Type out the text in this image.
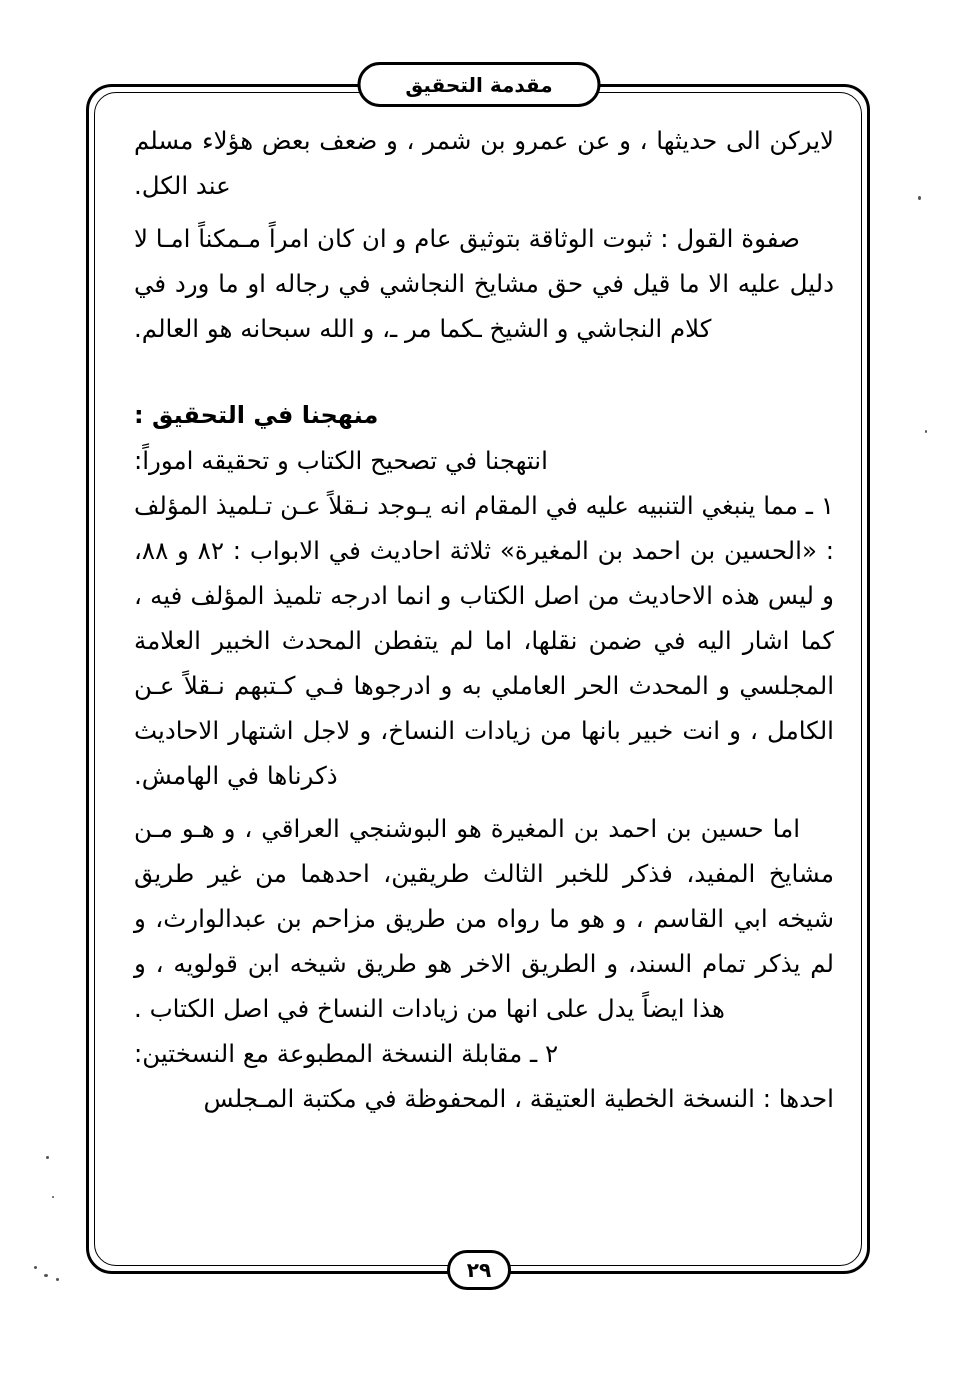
مقدمة التحقيق

لايركن الى حديثها ، و عن عمرو بن شمر ، و ضعف بعض هؤلاء مسلم عند الكل.

صفوة القول : ثبوت الوثاقة بتوثيق عام و ان كان امراً مـمكناً امـا لا دليل عليه الا ما قيل في حق مشايخ النجاشي في رجاله او ما ورد في كلام النجاشي و الشيخ ـكما مر ـ، و الله سبحانه هو العالم.

منهجنا في التحقيق :

انتهجنا في تصحيح الكتاب و تحقيقه اموراً:

١ ـ مما ينبغي التنبيه عليه في المقام انه يـوجد نـقلاً عـن تـلميذ المؤلف : «الحسين بن احمد بن المغيرة» ثلاثة احاديث في الابواب : ٨٢ و ٨٨، و ليس هذه الاحاديث من اصل الكتاب و انما ادرجه تلميذ المؤلف فيه ، كما اشار اليه في ضمن نقلها، اما لم يتفطن المحدث الخبير العلامة المجلسي و المحدث الحر العاملي به و ادرجوها فـي كـتبهم نـقلاً عـن الكامل ، و انت خبير بانها من زيادات النساخ، و لاجل اشتهار الاحاديث ذكرناها في الهامش.

اما حسين بن احمد بن المغيرة هو البوشنجي العراقي ، و هـو مـن مشايخ المفيد، فذكر للخبر الثالث طريقين، احدهما من غير طريق شيخه ابي القاسم ، و هو ما رواه من طريق مزاحم بن عبدالوارث، و لم يذكر تمام السند، و الطريق الاخر هو طريق شيخه ابن قولويه ، و هذا ايضاً يدل على انها من زيادات النساخ في اصل الكتاب .

٢ ـ مقابلة النسخة المطبوعة مع النسختين:

احدها : النسخة الخطية العتيقة ، المحفوظة في مكتبة المـجلس

٢٩
